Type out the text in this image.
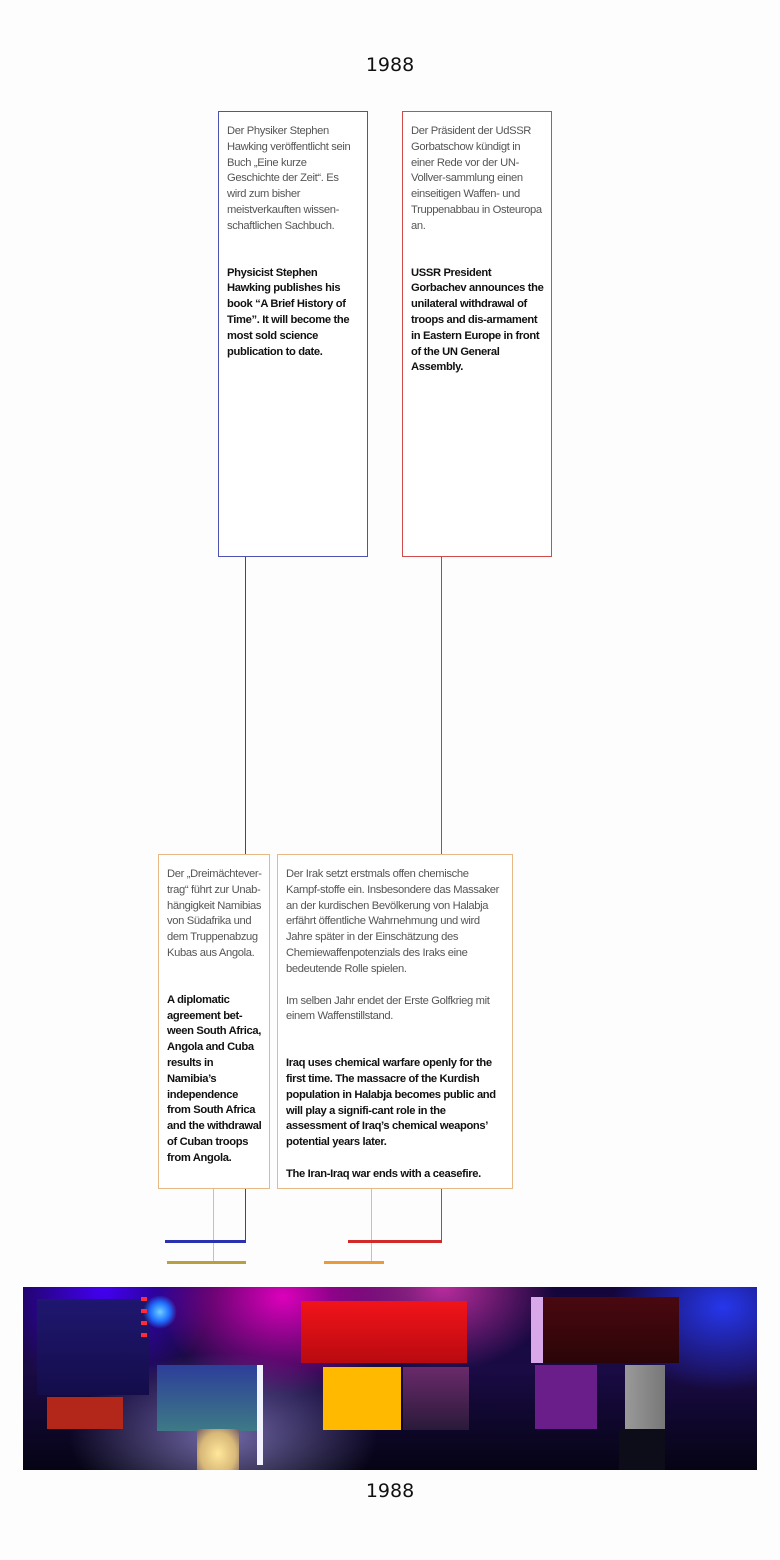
1988

Der Physiker Stephen Hawking veröffentlicht sein Buch „Eine kurze Geschichte der Zeit“. Es wird zum bisher meistverkauften wissen-schaftlichen Sachbuch.

Physicist Stephen Hawking publishes his book “A Brief History of Time”. It will become the most sold science publication to date.

Der Präsident der UdSSR Gorbatschow kündigt in einer Rede vor der UN-Vollver-sammlung einen einseitigen Waffen- und Truppenabbau in Osteuropa an.

USSR President Gorbachev announces the unilateral withdrawal of troops and dis-armament in Eastern Europe in front of the UN General Assembly.

Der „Dreimächtever-trag“ führt zur Unab-hängigkeit Namibias von Südafrika und dem Truppenabzug Kubas aus Angola.

A diplomatic agreement bet-ween South Africa, Angola and Cuba results in Namibia’s independence from South Africa and the withdrawal of Cuban troops from Angola.

Der Irak setzt erstmals offen chemische Kampf-stoffe ein. Insbesondere das Massaker an der kurdischen Bevölkerung von Halabja erfährt öffentliche Wahrnehmung und wird Jahre später in der Einschätzung des Chemiewaffenpotenzials des Iraks eine bedeutende Rolle spielen.

Im selben Jahr endet der Erste Golfkrieg mit einem Waffenstillstand.

Iraq uses chemical warfare openly for the first time. The massacre of the Kurdish population in Halabja becomes public and will play a signifi-cant role in the assessment of Iraq’s chemical weapons’ potential years later.

The Iran-Iraq war ends with a ceasefire.

1988
